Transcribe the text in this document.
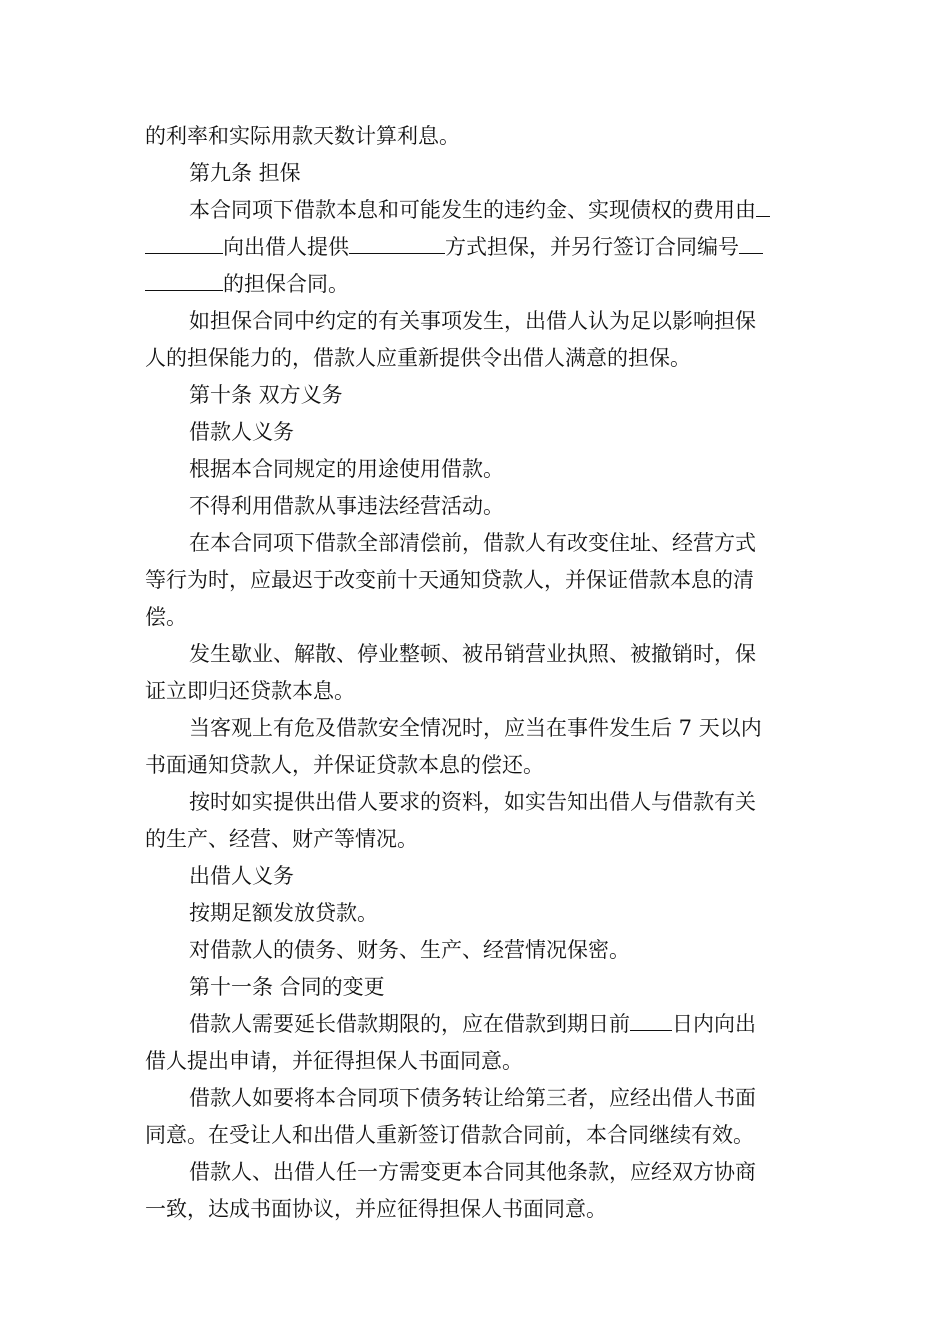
的利率和实际用款天数计算利息。
第九条 担保
本合同项下借款本息和可能发生的违约金、实现债权的费用由
向出借人提供	方式担保，并另行签订合同编号
的担保合同。
如担保合同中约定的有关事项发生，出借人认为足以影响担保
人的担保能力的，借款人应重新提供令出借人满意的担保。
第十条 双方义务
借款人义务
根据本合同规定的用途使用借款。
不得利用借款从事违法经营活动。
在本合同项下借款全部清偿前，借款人有改变住址、经营方式
等行为时，应最迟于改变前十天通知贷款人，并保证借款本息的清
偿。
发生歇业、解散、停业整顿、被吊销营业执照、被撤销时，保
证立即归还贷款本息。
当客观上有危及借款安全情况时，应当在事件发生后 7 天以内
书面通知贷款人，并保证贷款本息的偿还。
按时如实提供出借人要求的资料，如实告知出借人与借款有关
的生产、经营、财产等情况。
出借人义务
按期足额发放贷款。
对借款人的债务、财务、生产、经营情况保密。
第十一条 合同的变更
借款人需要延长借款期限的，应在借款到期日前 日内向出
借人提出申请，并征得担保人书面同意。
借款人如要将本合同项下债务转让给第三者，应经出借人书面
同意。在受让人和出借人重新签订借款合同前，本合同继续有效。
借款人、出借人任一方需变更本合同其他条款，应经双方协商
一致，达成书面协议，并应征得担保人书面同意。
